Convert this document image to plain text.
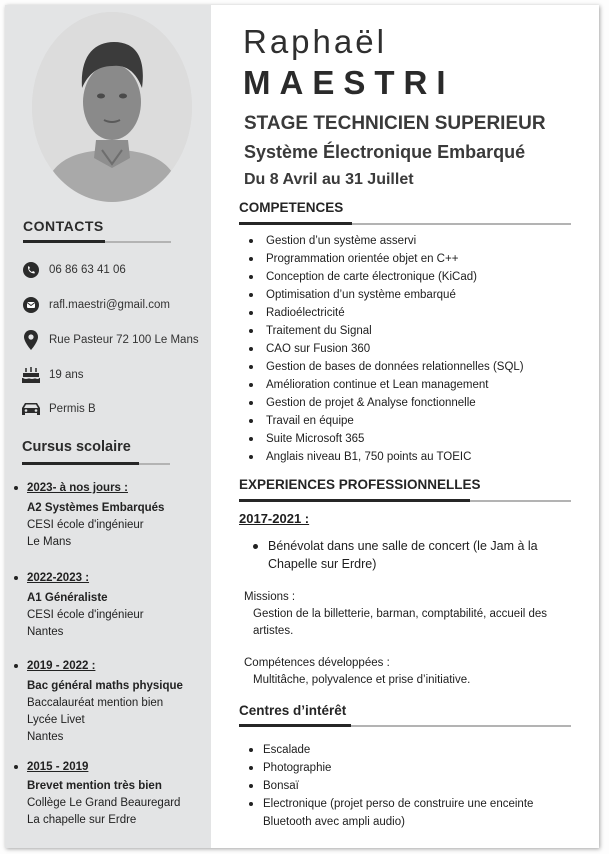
CONTACTS
06 86 63 41 06
rafl.maestri@gmail.com
Rue Pasteur 72 100 Le Mans
19 ans
Permis B
Cursus scolaire
2023- à nos jours :
A2 Systèmes Embarqués
CESI école d'ingénieur
Le Mans
2022-2023 :
A1 Généraliste
CESI école d'ingénieur
Nantes
2019 - 2022 :
Bac général maths physique
Baccalauréat mention bien
Lycée Livet
Nantes
2015 - 2019
Brevet mention très bien
Collège Le Grand Beauregard
La chapelle sur Erdre
Raphaël
MAESTRI
STAGE TECHNICIEN SUPERIEUR
Système Électronique Embarqué
Du 8 Avril au 31 Juillet
COMPETENCES
Gestion d’un système asservi
Programmation orientée objet en C++
Conception de carte électronique (KiCad)
Optimisation d’un système embarqué
Radioélectricité
Traitement du Signal
CAO sur Fusion 360
Gestion de bases de données relationnelles (SQL)
Amélioration continue et Lean management
Gestion de projet & Analyse fonctionnelle
Travail en équipe
Suite Microsoft 365
Anglais niveau B1, 750 points au TOEIC
EXPERIENCES PROFESSIONNELLES
2017-2021 :
Bénévolat dans une salle de concert (le Jam à la Chapelle sur Erdre)
Missions :
Gestion de la billetterie, barman, comptabilité, accueil des artistes.
Compétences développées :
Multitâche, polyvalence et prise d’initiative.
Centres d’intérêt
Escalade
Photographie
Bonsaï
Electronique (projet perso de construire une enceinte Bluetooth avec ampli audio)
